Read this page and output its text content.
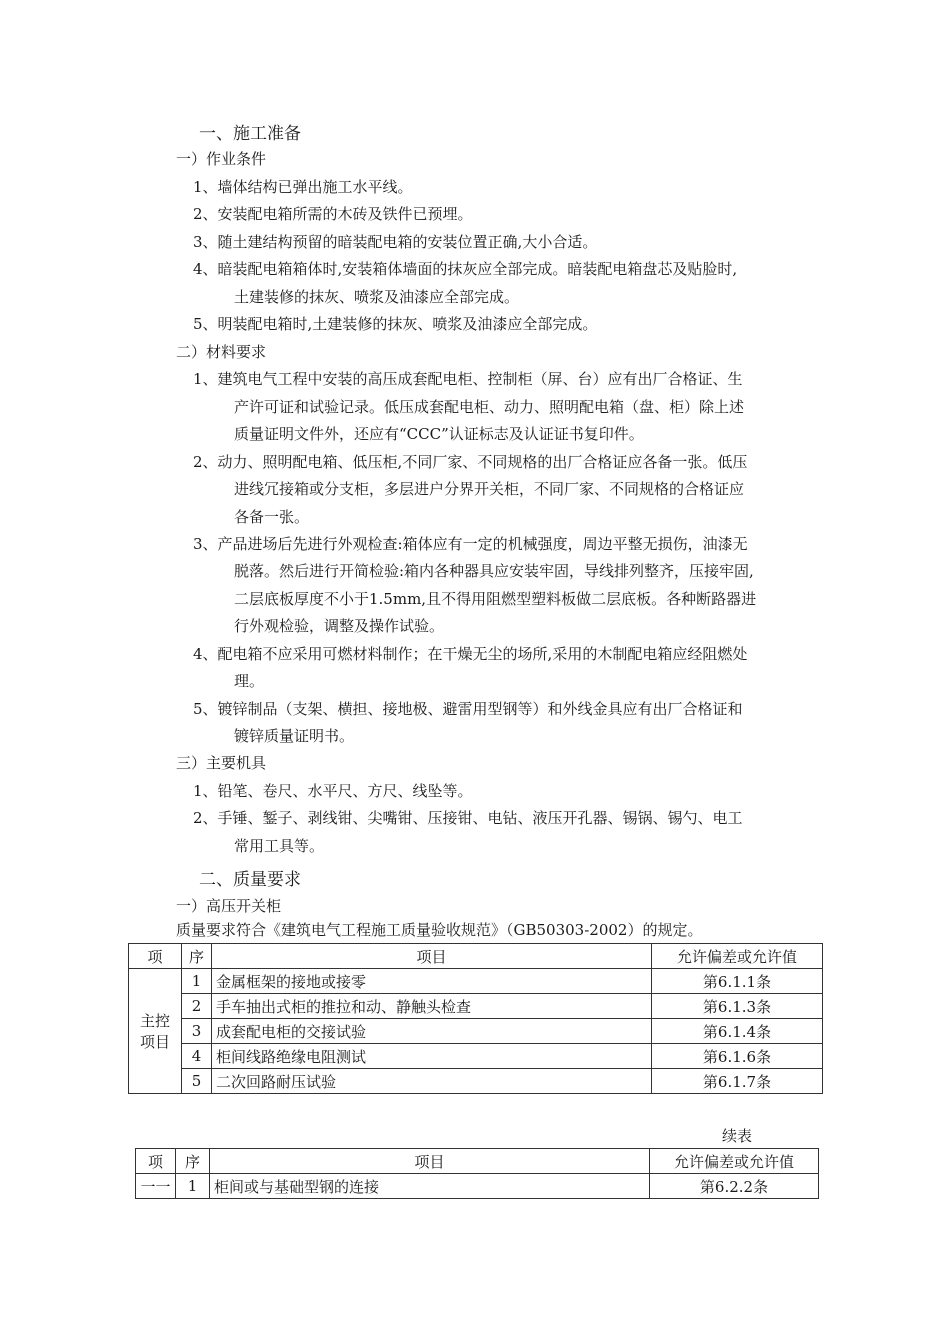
一、施工准备
一）作业条件
1、墙体结构已弹出施工水平线。
2、安装配电箱所需的木砖及铁件已预埋。
3、随土建结构预留的暗装配电箱的安装位置正确,大小合适。
4、暗装配电箱箱体时,安装箱体墙面的抹灰应全部完成。暗装配电箱盘芯及贴脸时,
土建装修的抹灰、喷浆及油漆应全部完成。
5、明装配电箱时,土建装修的抹灰、喷浆及油漆应全部完成。
二）材料要求
1、建筑电气工程中安装的高压成套配电柜、控制柜（屏、台）应有出厂合格证、生
产许可证和试验记录。低压成套配电柜、动力、照明配电箱（盘、柜）除上述
质量证明文件外，还应有“CCC”认证标志及认证证书复印件。
2、动力、照明配电箱、低压柜,不同厂家、不同规格的出厂合格证应各备一张。低压
进线冗接箱或分支柜，多层进户分界开关柜，不同厂家、不同规格的合格证应
各备一张。
3、产品进场后先进行外观检查:箱体应有一定的机械强度，周边平整无损伤，油漆无
脱落。然后进行开简检验:箱内各种器具应安装牢固，导线排列整齐，压接牢固,
二层底板厚度不小于1.5mm,且不得用阻燃型塑料板做二层底板。各种断路器进
行外观检验，调整及操作试验。
4、配电箱不应采用可燃材料制作；在干燥无尘的场所,采用的木制配电箱应经阻燃处
理。
5、镀锌制品（支架、横担、接地极、避雷用型钢等）和外线金具应有出厂合格证和
镀锌质量证明书。
三）主要机具
1、铅笔、卷尺、水平尺、方尺、线坠等。
2、手锤、錾子、剥线钳、尖嘴钳、压接钳、电钻、液压开孔器、锡锅、锡勺、电工
常用工具等。
二、质量要求
一）高压开关柜
质量要求符合《建筑电气工程施工质量验收规范》（GB50303-2002）的规定。
项	序	项目	允许偏差或允许值
主控
项目	1	金属框架的接地或接零	第6.1.1条
	2	手车抽出式柜的推拉和动、静触头检查	第6.1.3条
	3	成套配电柜的交接试验	第6.1.4条
	4	柜间线路绝缘电阻测试	第6.1.6条
	5	二次回路耐压试验	第6.1.7条
续表
项	序	项目	允许偏差或允许值
一一	1	柜间或与基础型钢的连接	第6.2.2条
